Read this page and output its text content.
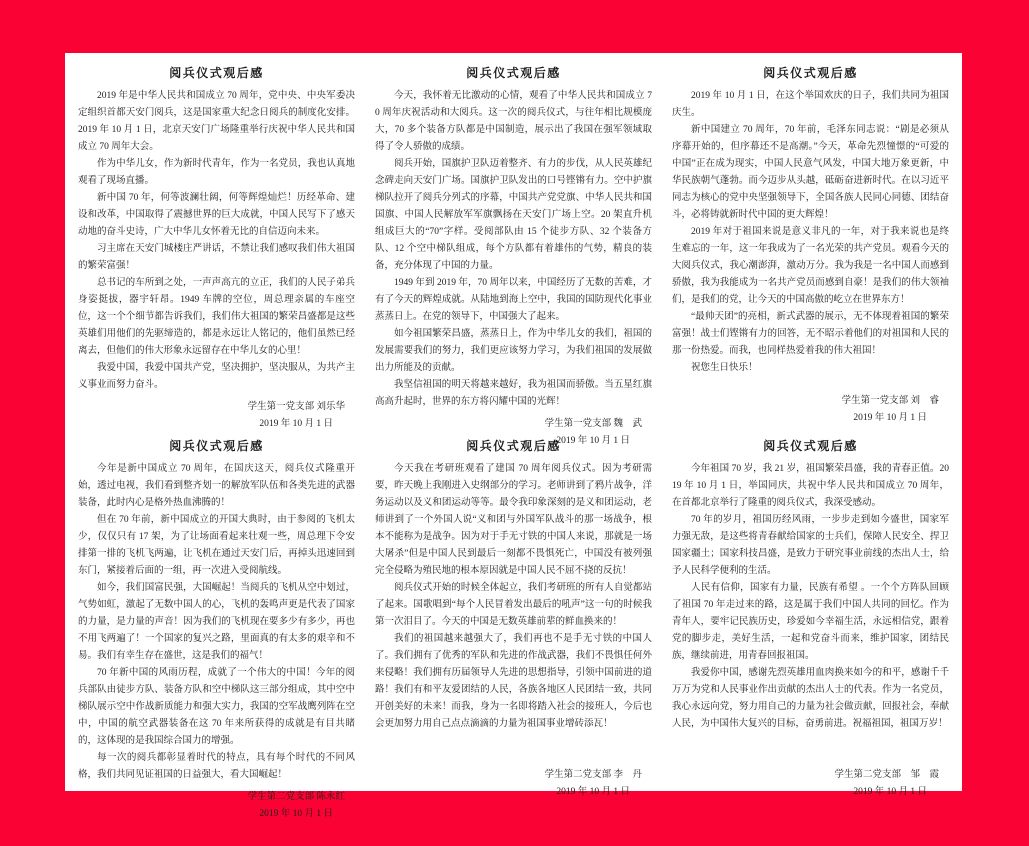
阅兵仪式观后感

2019 年是中华人民共和国成立 70 周年，党中央、中央军委决定组织首都天安门阅兵，这是国家重大纪念日阅兵的制度化安排。2019 年 10 月 1 日，北京天安门广场隆重举行庆祝中华人民共和国成立 70 周年大会。

作为中华儿女，作为新时代青年，作为一名党员，我也认真地观看了现场直播。

新中国 70 年，何等波澜壮阔，何等辉煌灿烂！历经革命、建设和改革，中国取得了震撼世界的巨大成就，中国人民写下了感天动地的奋斗史诗，广大中华儿女怀着无比的自信迈向未来。

习主席在天安门城楼庄严讲话，不禁让我们感叹我们伟大祖国的繁荣富强！

总书记的车所到之处，一声声高亢的立正，我们的人民子弟兵身姿挺拔，器宇轩昂。1949 车牌的空位，周总理亲属的车座空位，这一个个细节都告诉我们，我们伟大祖国的繁荣昌盛都是这些英雄们用他们的先驱缔造的，都是永远让人铭记的，他们虽然已经离去，但他们的伟大形象永远留存在中华儿女的心里！

我爱中国，我爱中国共产党，坚决拥护，坚决服从，为共产主义事业而努力奋斗。

学生第一党支部 刘乐华
2019 年 10 月 1 日
阅兵仪式观后感

今天，我怀着无比激动的心情，观看了中华人民共和国成立 70 周年庆祝活动和大阅兵。这一次的阅兵仪式，与往年相比规模庞大，70 多个装备方队都是中国制造，展示出了我国在强军领域取得了令人骄傲的成绩。

阅兵开始，国旗护卫队迈着整齐、有力的步伐，从人民英雄纪念碑走向天安门广场。国旗护卫队发出的口号铿锵有力。空中护旗梯队拉开了阅兵分列式的序幕，中国共产党党旗、中华人民共和国国旗、中国人民解放军军旗飘扬在天安门广场上空。20 架直升机组成巨大的“70”字样。受阅部队由 15 个徒步方队、32 个装备方队、12 个空中梯队组成，每个方队都有着雄伟的气势，精良的装备，充分体现了中国的力量。

1949 年到 2019 年，70 周年以来，中国经历了无数的苦难，才有了今天的辉煌成就。从陆地到海上空中，我国的国防现代化事业蒸蒸日上。在党的领导下，中国强大了起来。

如今祖国繁荣昌盛，蒸蒸日上，作为中华儿女的我们，祖国的发展需要我们的努力，我们更应该努力学习，为我们祖国的发展做出力所能及的贡献。

我坚信祖国的明天将越来越好，我为祖国而骄傲。当五星红旗高高升起时，世界的东方将闪耀中国的光辉！

学生第一党支部 魏　武
2019 年 10 月 1 日
阅兵仪式观后感

2019 年 10 月 1 日，在这个举国欢庆的日子，我们共同为祖国庆生。

新中国建立 70 周年，70 年前，毛泽东同志说：“剧是必须从序幕开始的，但序幕还不是高潮。”今天，革命先烈憧憬的“可爱的中国”正在成为现实，中国人民意气风发，中国大地万象更新，中华民族朝气蓬勃。而今迈步从头越，砥砺奋进新时代。在以习近平同志为核心的党中央坚强领导下，全国各族人民同心同德、团结奋斗，必将铸就新时代中国的更大辉煌！

2019 年对于祖国来说是意义非凡的一年，对于我来说也是终生难忘的一年，这一年我成为了一名光荣的共产党员。观看今天的大阅兵仪式，我心潮澎湃，激动万分。我为我是一名中国人而感到骄傲，我为我能成为一名共产党员而感到自豪！是我们的伟大领袖们，是我们的党，让今天的中国高傲的屹立在世界东方！

“最帅天团”的亮相，新式武器的展示，无不体现着祖国的繁荣富强！战士们铿锵有力的回答，无不昭示着他们的对祖国和人民的那一份热爱。而我，也同样热爱着我的伟大祖国！

祝您生日快乐！

学生第一党支部 刘　睿
2019 年 10 月 1 日
阅兵仪式观后感

今年是新中国成立 70 周年，在国庆这天，阅兵仪式隆重开始，透过电视，我们看到整齐划一的解放军队伍和各类先进的武器装备，此时内心是格外热血沸腾的！

但在 70 年前，新中国成立的开国大典时，由于参阅的飞机太少，仅仅只有 17 架，为了让场面看起来壮观一些，周总理下令安排第一排的飞机飞两遍，让飞机在通过天安门后，再掉头迅速回到东门，紧接着后面的一组，再一次进入受阅航线。

如今，我们国富民强，大国崛起！当阅兵的飞机从空中划过，气势如虹，激起了无数中国人的心，飞机的轰鸣声更是代表了国家的力量，是力量的声音！因为我们的飞机现在要多少有多少，再也不用飞两遍了！一个国家的复兴之路，里面真的有太多的艰辛和不易。我们有幸生存在盛世，这是我们的福气！

70 年新中国的风雨历程，成就了一个伟大的中国！今年的阅兵部队由徒步方队、装备方队和空中梯队这三部分组成，其中空中梯队展示空中作战新质能力和强大实力，我国的空军战鹰列阵在空中，中国的航空武器装备在这 70 年来所获得的成就是有目共睹的，这体现的是我国综合国力的增强。

每一次的阅兵都彰显着时代的特点，具有每个时代的不同风格，我们共同见证祖国的日益强大，看大国崛起！

学生第二党支部 陈永红
2019 年 10 月 1 日
阅兵仪式观后感

今天我在考研班观看了建国 70 周年阅兵仪式。因为考研需要，昨天晚上我刚进入史纲部分的学习。老师讲到了鸦片战争，洋务运动以及义和团运动等等。最令我印象深刻的是义和团运动，老师讲到了一个外国人说“义和团与外国军队战斗的那一场战争，根本不能称为是战争。因为对于手无寸铁的中国人来说，那就是一场大屠杀”但是中国人民到最后一刻都不畏惧死亡，中国没有被列强完全侵略为殖民地的根本原因就是中国人民不屈不挠的反抗！

阅兵仪式开始的时候全体起立，我们考研班的所有人自觉都站了起来。国歌唱到“每个人民冒着发出最后的吼声”这一句的时候我第一次泪目了。今天的中国是无数英雄前辈的鲜血换来的！

我们的祖国越来越强大了，我们再也不是手无寸铁的中国人了。我们拥有了优秀的军队和先进的作战武器，我们不畏惧任何外来侵略！我们拥有历届领导人先进的思想指导，引领中国前进的道路！我们有和平友爱团结的人民，各族各地区人民团结一致，共同开创美好的未来！而我，身为一名即将踏入社会的接班人，今后也会更加努力用自己点点滴滴的力量为祖国事业增砖添瓦！

学生第二党支部 李　丹
2019 年 10 月 1 日
阅兵仪式观后感

今年祖国 70 岁，我 21 岁，祖国繁荣昌盛，我的青春正值。2019 年 10 月 1 日，举国同庆，共祝中华人民共和国成立 70 周年，在首都北京举行了隆重的阅兵仪式，我深受感动。

70 年的岁月，祖国历经风雨，一步步走到如今盛世，国家军力强无敌，是这些将青春献给国家的士兵们，保障人民安全、捍卫国家疆土；国家科技昌盛，是致力于研究事业前线的杰出人士，给予人民科学便利的生活。

人民有信仰，国家有力量，民族有希望 。一个个方阵队回顾了祖国 70 年走过来的路，这是属于我们中国人共同的回忆。作为青年人，要牢记民族历史，珍爱如今幸福生活，永远相信党，跟着党的脚步走，美好生活，一起和党奋斗而来，维护国家，团结民族，继续前进，用青春回报祖国。

我爱你中国，感谢先烈英雄用血肉换来如今的和平，感谢千千万万为党和人民事业作出贡献的杰出人士的代表。作为一名党员，我心永远向党，努力用自己的力量为社会做贡献，回报社会，奉献人民，为中国伟大复兴的目标，奋勇前进。祝福祖国，祖国万岁！

学生第二党支部　邹　霞
2019 年 10 月 1 日
